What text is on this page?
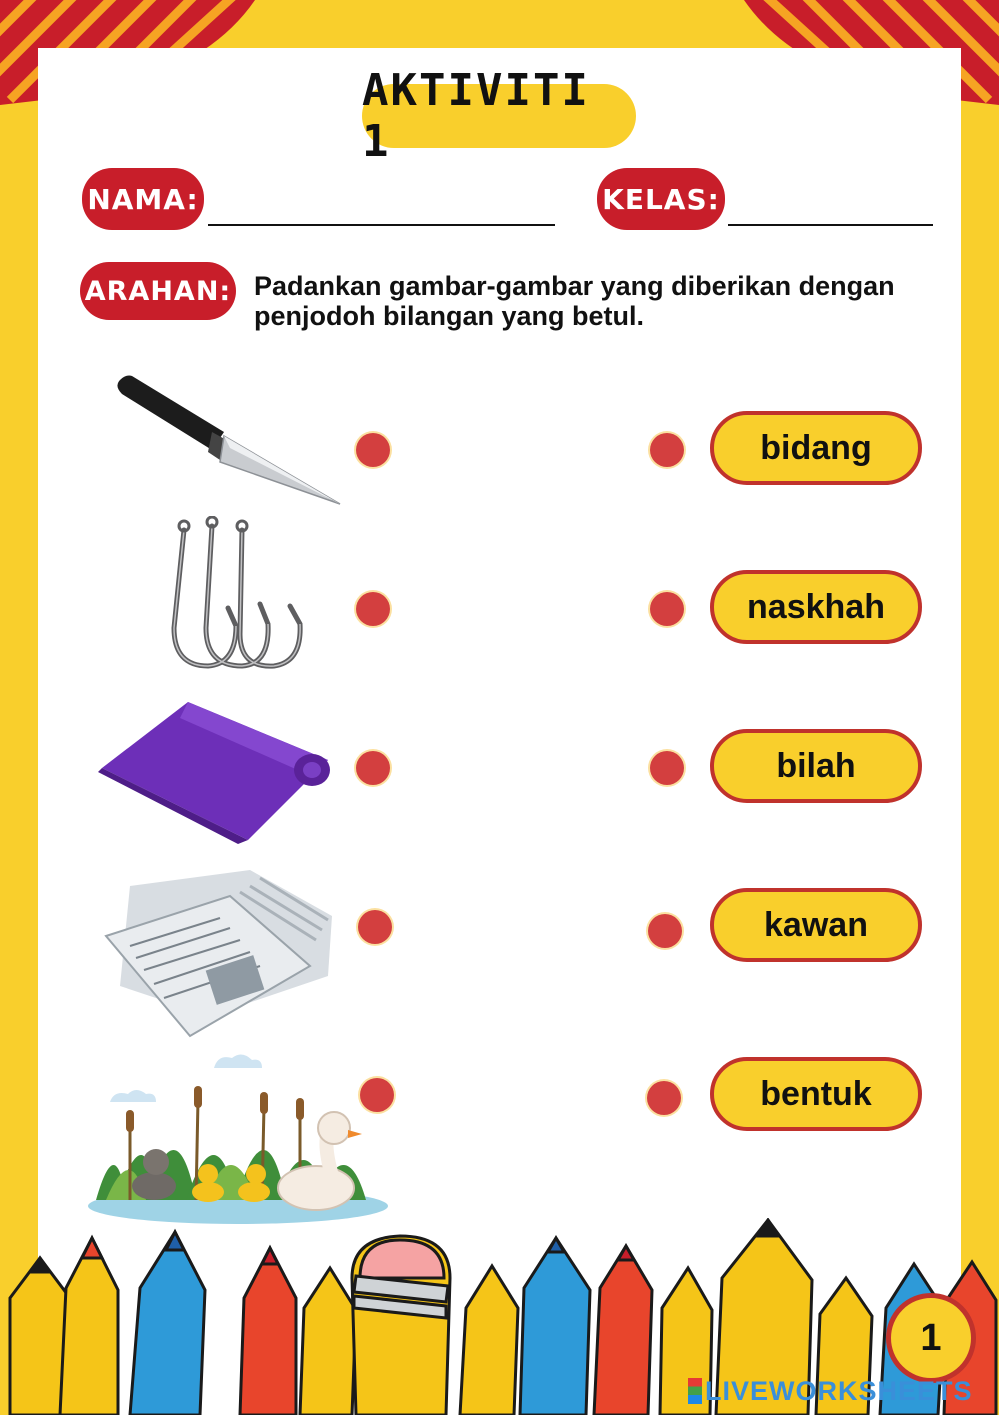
AKTIVITI 1
NAMA:	KELAS:
ARAHAN: Padankan gambar-gambar yang diberikan dengan penjodoh bilangan yang betul.
bidang
naskhah
bilah
kawan
bentuk
1
LIVEWORKSHEETS
